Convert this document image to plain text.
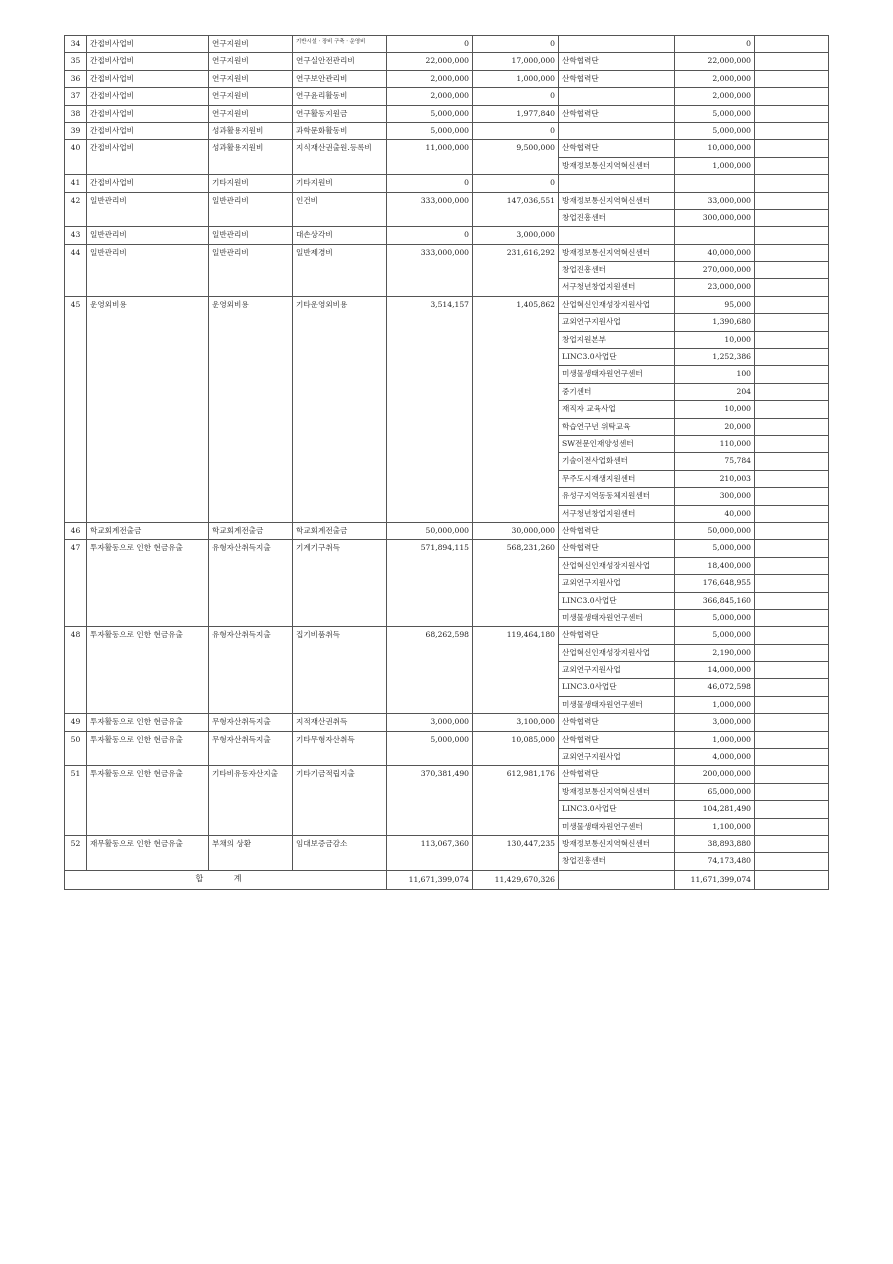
34	간접비사업비	연구지원비	기반시설 · 장비 구축 · 운영비	0	0		0	
35	간접비사업비	연구지원비	연구실안전관리비	22,000,000	17,000,000	산학협력단	22,000,000	
36	간접비사업비	연구지원비	연구보안관리비	2,000,000	1,000,000	산학협력단	2,000,000	
37	간접비사업비	연구지원비	연구윤리활동비	2,000,000	0		2,000,000	
38	간접비사업비	연구지원비	연구활동지원금	5,000,000	1,977,840	산학협력단	5,000,000	
39	간접비사업비	성과활용지원비	과학문화활동비	5,000,000	0		5,000,000	
40	간접비사업비	성과활용지원비	지식재산권출원.등록비	11,000,000	9,500,000	산학협력단	10,000,000	
						방재정보통신지역혁신센터	1,000,000	
41	간접비사업비	기타지원비	기타지원비	0	0			
42	일반관리비	일반관리비	인건비	333,000,000	147,036,551	방재정보통신지역혁신센터	33,000,000	
						창업진흥센터	300,000,000	
43	일반관리비	일반관리비	대손상각비	0	3,000,000			
44	일반관리비	일반관리비	일반제경비	333,000,000	231,616,292	방재정보통신지역혁신센터	40,000,000	
						창업진흥센터	270,000,000	
						서구청년창업지원센터	23,000,000	
45	운영외비용	운영외비용	기타운영외비용	3,514,157	1,405,862	산업혁신인재성장지원사업	95,000	
						교외연구지원사업	1,390,680	
						창업지원본부	10,000	
						LINC3.0사업단	1,252,386	
						미생물생태자원연구센터	100	
						중기센터	204	
						재직자 교육사업	10,000	
						학습연구년 위탁교육	20,000	
						SW전문인재양성센터	110,000	
						기술이전사업화센터	75,784	
						무주도시재생지원센터	210,003	
						유성구지역동동체지원센터	300,000	
						서구청년창업지원센터	40,000	
46	학교회계전출금	학교회계전출금	학교회계전출금	50,000,000	30,000,000	산학협력단	50,000,000	
47	투자활동으로 인한 현금유출	유형자산취득지출	기계기구취득	571,894,115	568,231,260	산학협력단	5,000,000	
						산업혁신인재성장지원사업	18,400,000	
						교외연구지원사업	176,648,955	
						LINC3.0사업단	366,845,160	
						미생물생태자원연구센터	5,000,000	
48	투자활동으로 인한 현금유출	유형자산취득지출	집기비품취득	68,262,598	119,464,180	산학협력단	5,000,000	
						산업혁신인재성장지원사업	2,190,000	
						교외연구지원사업	14,000,000	
						LINC3.0사업단	46,072,598	
						미생물생태자원연구센터	1,000,000	
49	투자활동으로 인한 현금유출	무형자산취득지출	지적재산권취득	3,000,000	3,100,000	산학협력단	3,000,000	
50	투자활동으로 인한 현금유출	무형자산취득지출	기타무형자산취득	5,000,000	10,085,000	산학협력단	1,000,000	
						교외연구지원사업	4,000,000	
51	투자활동으로 인한 현금유출	기타비유동자산지출	기타기금적립지출	370,381,490	612,981,176	산학협력단	200,000,000	
						방재정보통신지역혁신센터	65,000,000	
						LINC3.0사업단	104,281,490	
						미생물생태자원연구센터	1,100,000	
52	재무활동으로 인한 현금유출	부채의 상환	임대보증금감소	113,067,360	130,447,235	방재정보통신지역혁신센터	38,893,880	
						창업진흥센터	74,173,480	
합 계				11,671,399,074	11,429,670,326		11,671,399,074	
